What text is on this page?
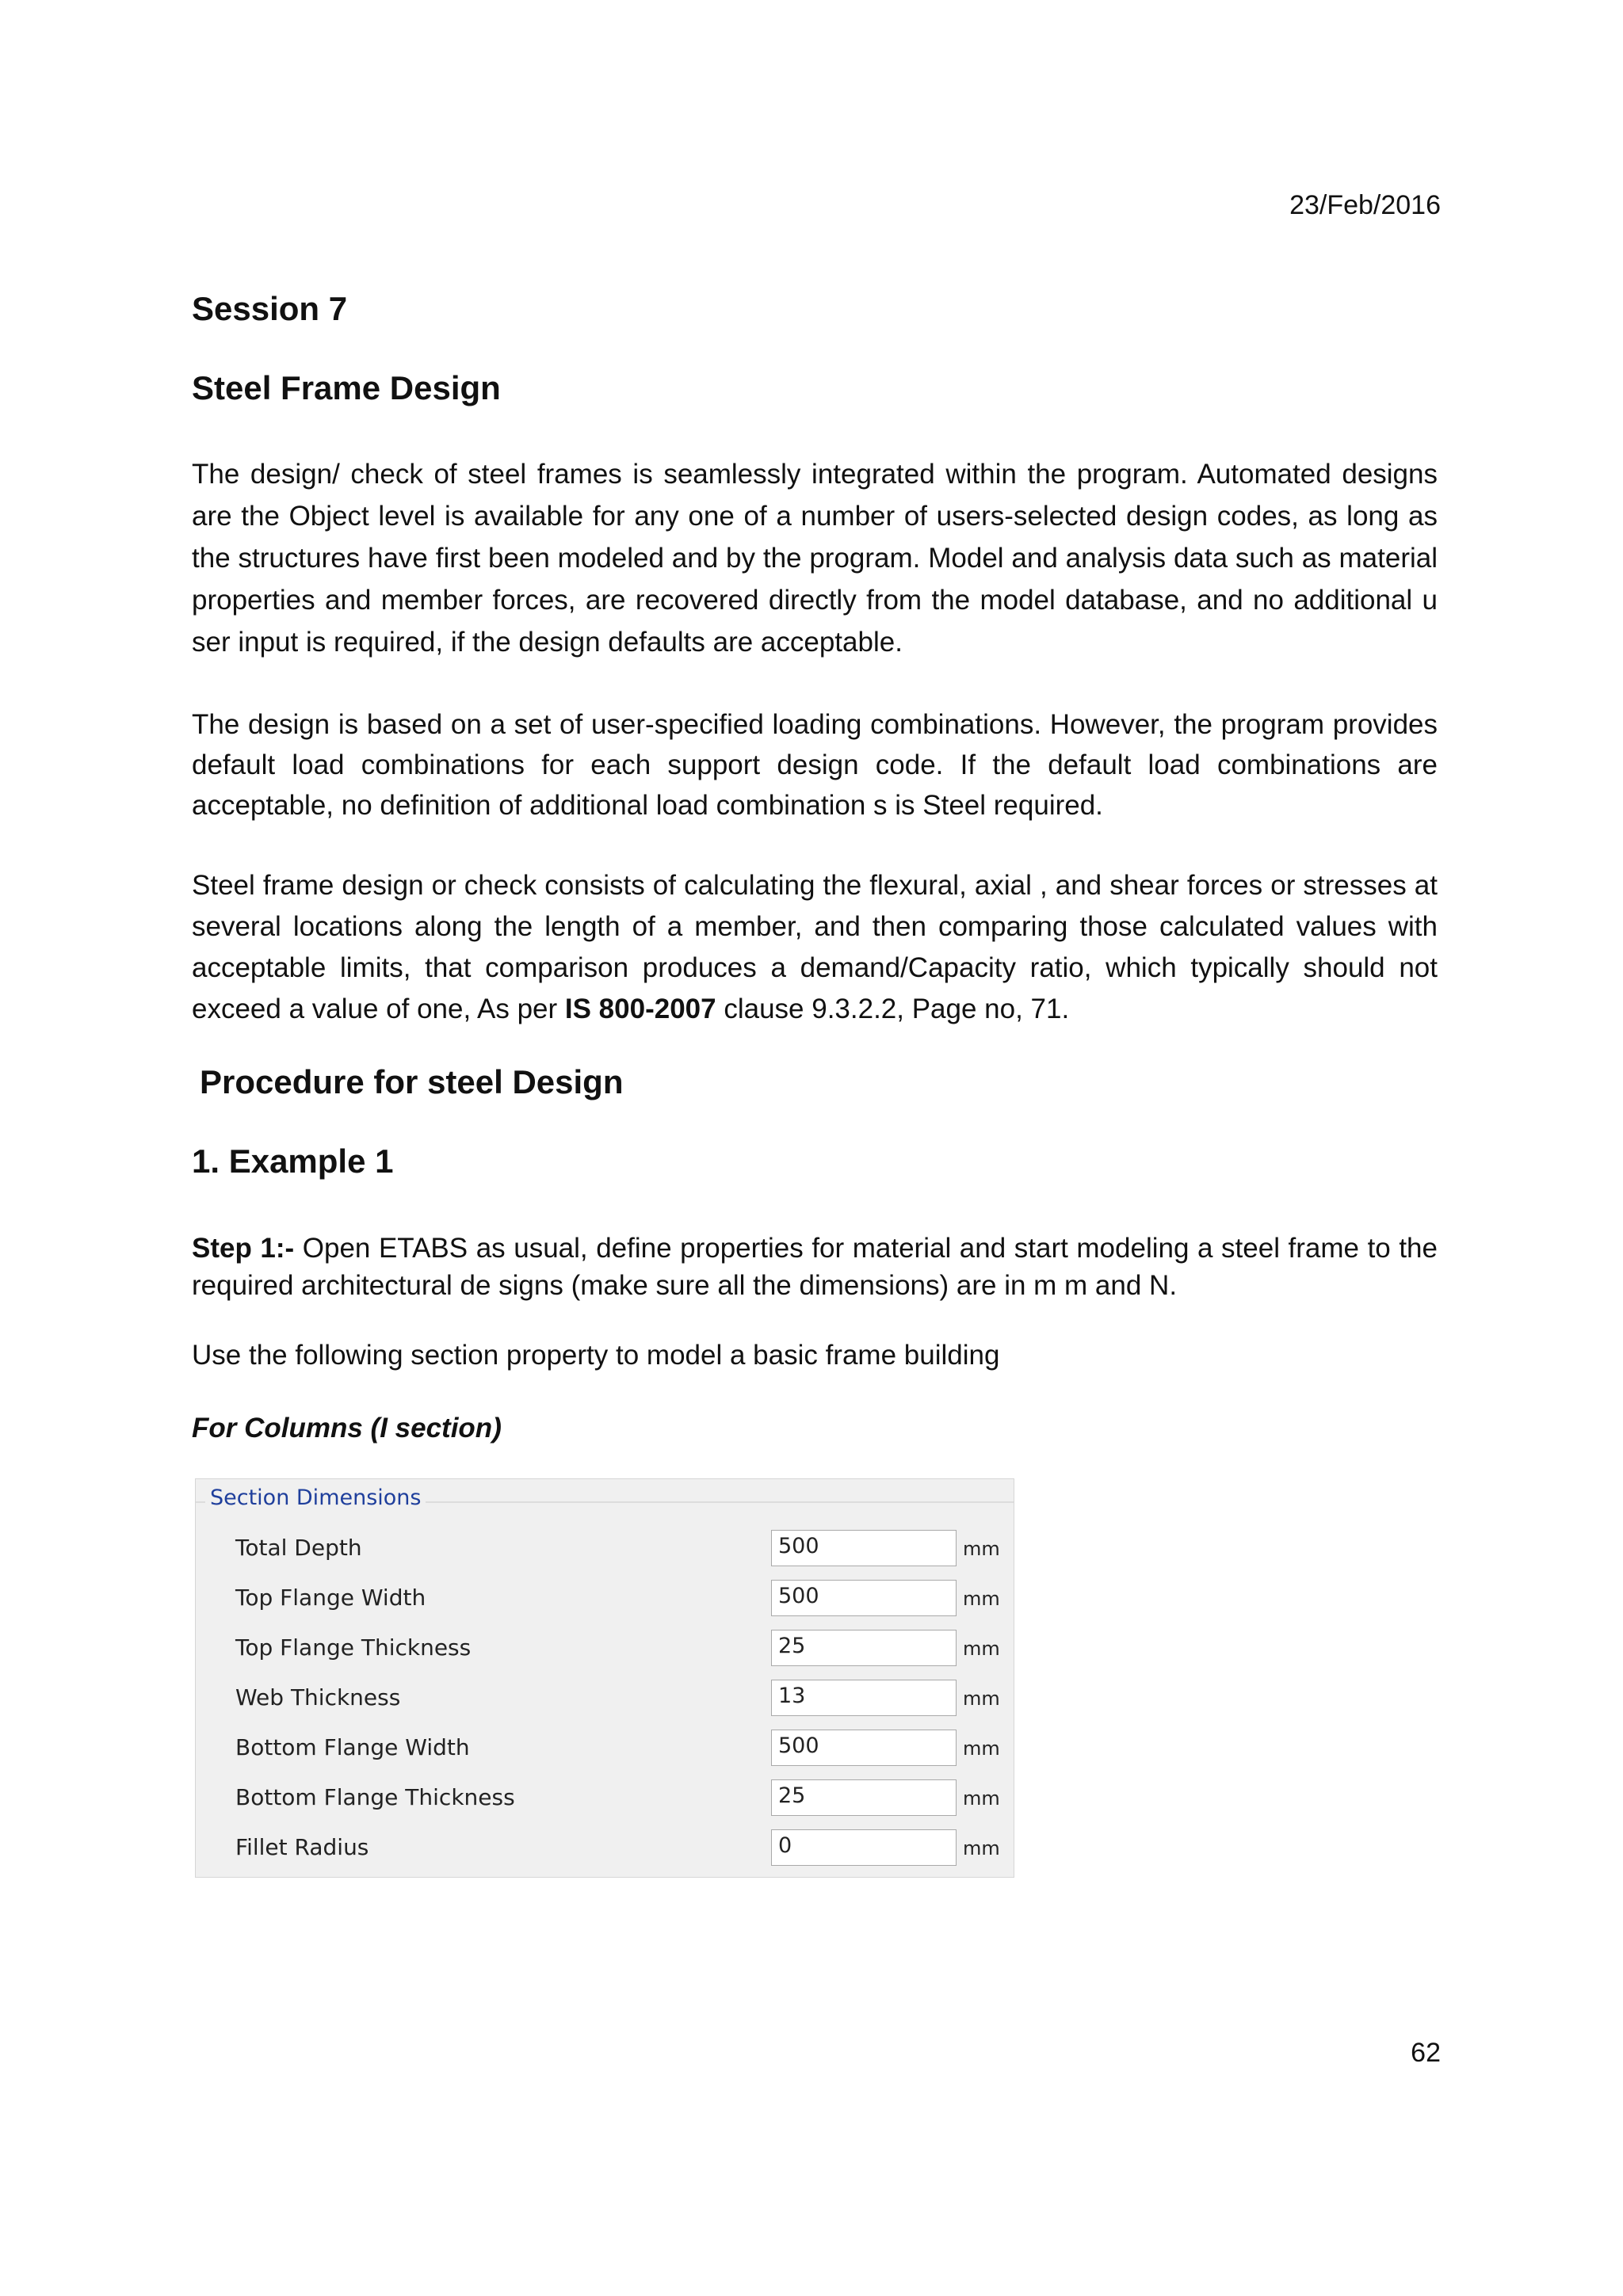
23/Feb/2016
Session 7
Steel Frame Design
The design/ check of steel frames is seamlessly integrated within the program. Automated designs are the Object level is available for any one of a number of users-selected design codes, as long as the structures have first been modeled and by the program. Model and analysis data such as material properties and member forces, are recovered directly from the model database, and no additional u ser input is required, if the design defaults are acceptable.
The design is based on a set of user-specified loading combinations. However, the program provides default load combinations for each support design code. If the default load combinations are acceptable, no definition of additional load combination s is Steel required.
Steel frame design or check consists of calculating the flexural, axial , and shear forces or stresses at several locations along the length of a member, and then comparing those calculated values with acceptable limits, that comparison produces a demand/Capacity ratio, which typically should not exceed a value of one, As per IS 800-2007 clause 9.3.2.2, Page no, 71.
Procedure for steel Design
1. Example 1
Step 1:- Open ETABS as usual, define properties for material and start modeling a steel frame to the required architectural de signs (make sure all the dimensions) are in m m and N.
Use the following section property to model a basic frame building
For Columns (I section)
Section Dimensions
Total Depth	500	mm
Top Flange Width	500	mm
Top Flange Thickness	25	mm
Web Thickness	13	mm
Bottom Flange Width	500	mm
Bottom Flange Thickness	25	mm
Fillet Radius	0	mm
62
